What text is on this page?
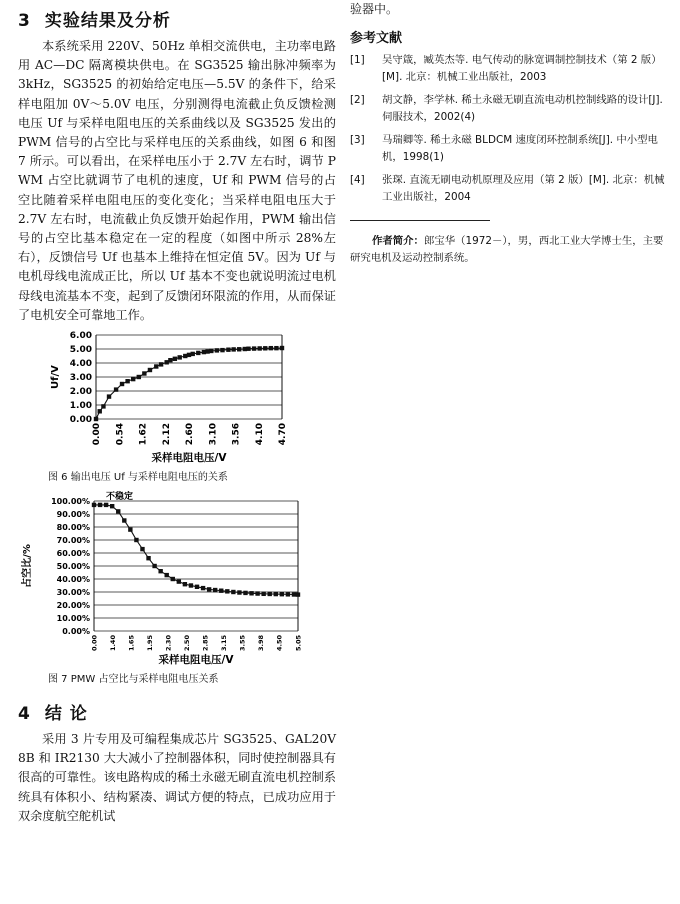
3 实验结果及分析

本系统采用 220V、50Hz 单相交流供电，主功率电路用 AC—DC 隔离模块供电。在 SG3525 输出脉冲频率为 3kHz，SG3525 的初始给定电压—5.5V 的条件下，给采样电阻加 0V～5.0V 电压，分别测得电流截止负反馈检测电压 Uf 与采样电阻电压的关系曲线以及 SG3525 发出的 PWM 信号的占空比与采样电压的关系曲线，如图 6 和图 7 所示。可以看出，在采样电压小于 2.7V 左右时，调节 PWM 占空比就调节了电机的速度，Uf 和 PWM 信号的占空比随着采样电阻电压的变化变化；当采样电阻电压大于 2.7V 左右时，电流截止负反馈开始起作用，PWM 输出信号的占空比基本稳定在一定的程度（如图中所示 28%左右），反馈信号 Uf 也基本上维持在恒定值 5V。因为 Uf 与电机母线电流成正比，所以 Uf 基本不变也就说明流过电机母线电流基本不变，起到了反馈闭环限流的作用，从而保证了电机安全可靠地工作。

0.00
1.00
2.00
3.00
4.00
5.00
6.00
0.00 0.54 1.62 2.12 2.60 3.10 3.56 4.10 4.70
采样电阻电压/V
Uf/V
图 6 输出电压 Uf 与采样电阻电压的关系
0.00%
10.00%
20.00%
30.00%
40.00%
50.00%
60.00%
70.00%
80.00%
90.00%
100.00%
0.00 1.40 1.65 1.95 2.30 2.50 2.85 3.15 3.55 3.98 4.50 5.05
采样电阻电压/V
占空比/%
不稳定
图 7 PMW 占空比与采样电阻电压关系
4 结 论

采用 3 片专用及可编程集成芯片 SG3525、GAL20V8B 和 IR2130 大大减小了控制器体积，同时使控制器具有很高的可靠性。该电路构成的稀土永磁无刷直流电机控制系统具有体积小、结构紧凑、调试方便的特点，已成功应用于双余度航空舵机试

验器中。
参考文献
[1] 吴守箴，臧英杰等. 电气传动的脉宽调制控制技术（第 2 版）[M]. 北京：机械工业出版社，2003
[2] 胡文静，李学林. 稀土永磁无刷直流电动机控制线路的设计[J]. 伺服技术，2002(4)
[3] 马瑞卿等. 稀土永磁 BLDCM 速度闭环控制系统[J]. 中小型电机，1998(1)
[4] 张琛. 直流无刷电动机原理及应用（第 2 版）[M]. 北京：机械工业出版社，2004

作者简介：郎宝华（1972－），男，西北工业大学博士生，主要研究电机及运动控制系统。
